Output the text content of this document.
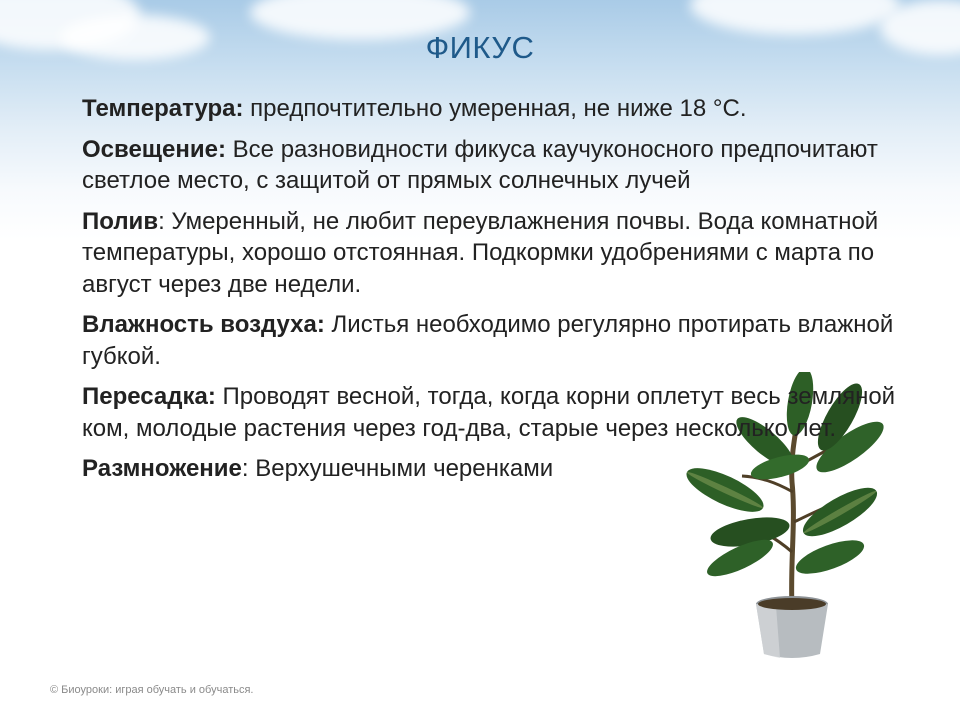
ФИКУС

Температура: предпочтительно умеренная, не ниже 18 °С.

Освещение: Все разновидности фикуса каучуконосного предпочитают светлое место, с защитой от прямых солнечных лучей

Полив: Умеренный, не любит переувлажнения почвы. Вода комнатной температуры, хорошо отстоянная. Подкормки удобрениями с марта по август через две недели.

Влажность воздуха: Листья необходимо регулярно протирать влажной губкой.

Пересадка: Проводят весной, тогда, когда корни оплетут весь земляной ком, молодые растения через год-два, старые через несколько лет.

Размножение: Верхушечными черенками

© Биоуроки: играя обучать и обучаться.
